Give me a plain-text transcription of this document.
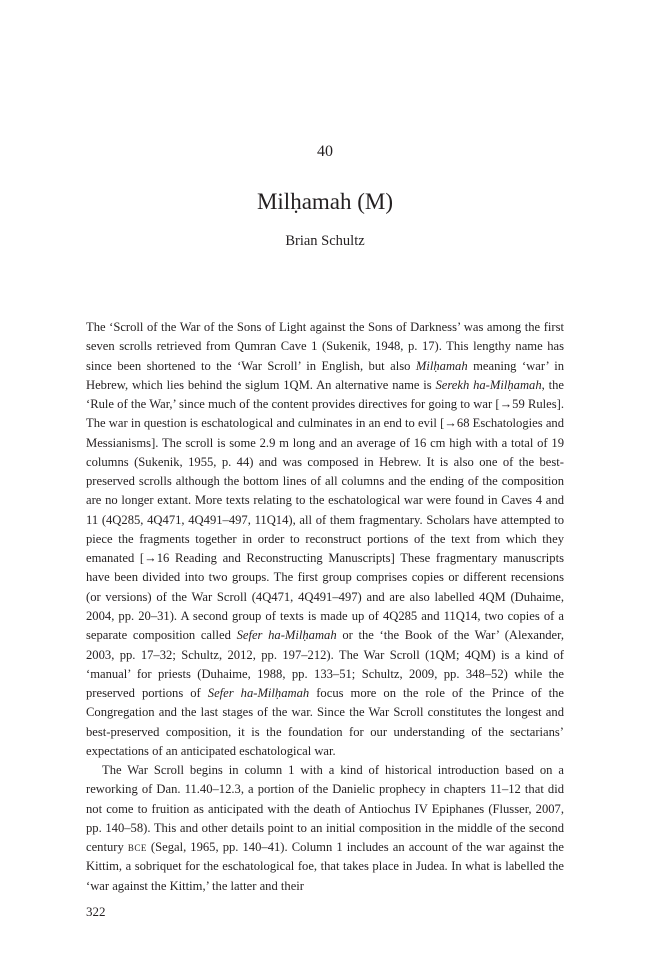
40
Milḥamah (M)
Brian Schultz

The ‘Scroll of the War of the Sons of Light against the Sons of Darkness’ was among the first seven scrolls retrieved from Qumran Cave 1 (Sukenik, 1948, p. 17). This lengthy name has since been shortened to the ‘War Scroll’ in English, but also Milḥamah meaning ‘war’ in Hebrew, which lies behind the siglum 1QM. An alternative name is Serekh ha-Milḥamah, the ‘Rule of the War,’ since much of the content provides directives for going to war [→59 Rules]. The war in question is eschatological and culminates in an end to evil [→68 Eschatologies and Messianisms]. The scroll is some 2.9 m long and an average of 16 cm high with a total of 19 columns (Sukenik, 1955, p. 44) and was composed in Hebrew. It is also one of the best-preserved scrolls although the bottom lines of all columns and the ending of the composition are no longer extant. More texts relating to the eschatological war were found in Caves 4 and 11 (4Q285, 4Q471, 4Q491–497, 11Q14), all of them fragmentary. Scholars have attempted to piece the fragments together in order to reconstruct portions of the text from which they emanated [→16 Reading and Reconstructing Manuscripts] These fragmentary manuscripts have been divided into two groups. The first group comprises copies or different recensions (or versions) of the War Scroll (4Q471, 4Q491–497) and are also labelled 4QM (Duhaime, 2004, pp. 20–31). A second group of texts is made up of 4Q285 and 11Q14, two copies of a separate composition called Sefer ha-Milḥamah or the ‘the Book of the War’ (Alexander, 2003, pp. 17–32; Schultz, 2012, pp. 197–212). The War Scroll (1QM; 4QM) is a kind of ‘manual’ for priests (Duhaime, 1988, pp. 133–51; Schultz, 2009, pp. 348–52) while the preserved portions of Sefer ha-Milḥamah focus more on the role of the Prince of the Congregation and the last stages of the war. Since the War Scroll constitutes the longest and best-preserved composition, it is the foundation for our understanding of the sectarians’ expectations of an anticipated eschatological war.

The War Scroll begins in column 1 with a kind of historical introduction based on a reworking of Dan. 11.40–12.3, a portion of the Danielic prophecy in chapters 11–12 that did not come to fruition as anticipated with the death of Antiochus IV Epiphanes (Flusser, 2007, pp. 140–58). This and other details point to an initial composition in the middle of the second century bce (Segal, 1965, pp. 140–41). Column 1 includes an account of the war against the Kittim, a sobriquet for the eschatological foe, that takes place in Judea. In what is labelled the ‘war against the Kittim,’ the latter and their

322
